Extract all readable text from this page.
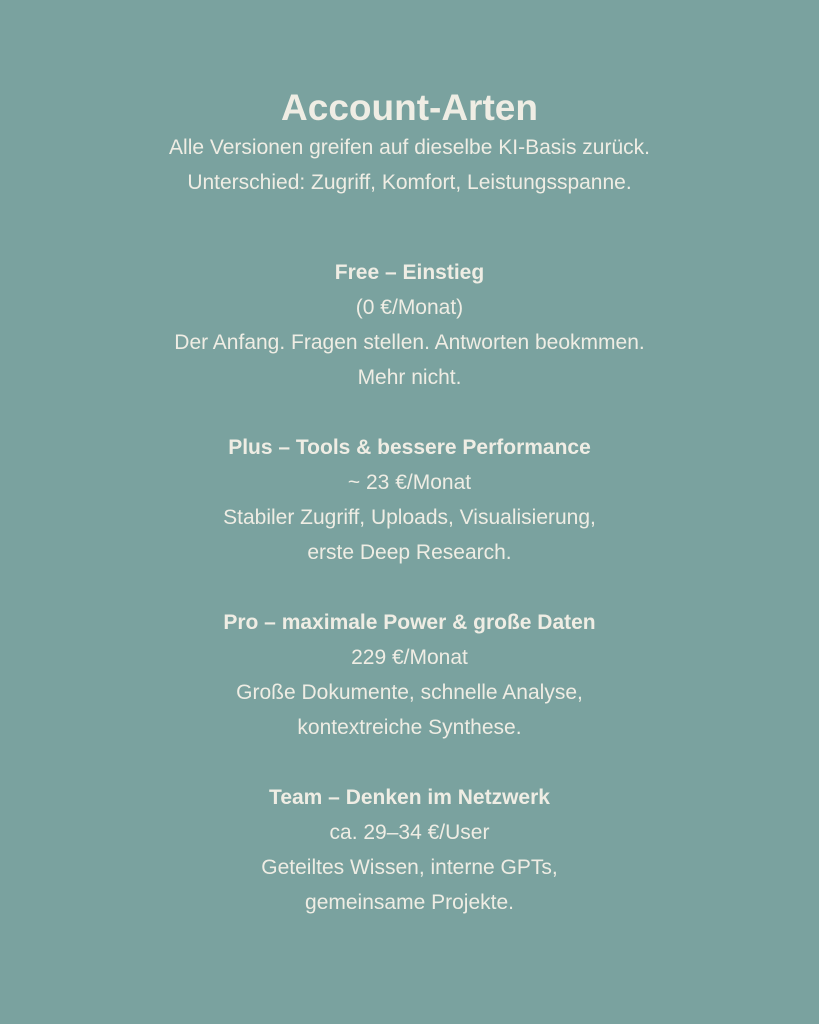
Account-Arten

Alle Versionen greifen auf dieselbe KI-Basis zurück.
Unterschied: Zugriff, Komfort, Leistungsspanne.

Free – Einstieg
(0 €/Monat)
Der Anfang. Fragen stellen. Antworten beokmmen.
Mehr nicht.
Plus – Tools & bessere Performance
~ 23 €/Monat
Stabiler Zugriff, Uploads, Visualisierung,
erste Deep Research.
Pro – maximale Power & große Daten
229 €/Monat
Große Dokumente, schnelle Analyse,
kontextreiche Synthese.
Team – Denken im Netzwerk
ca. 29–34 €/User
Geteiltes Wissen, interne GPTs,
gemeinsame Projekte.
